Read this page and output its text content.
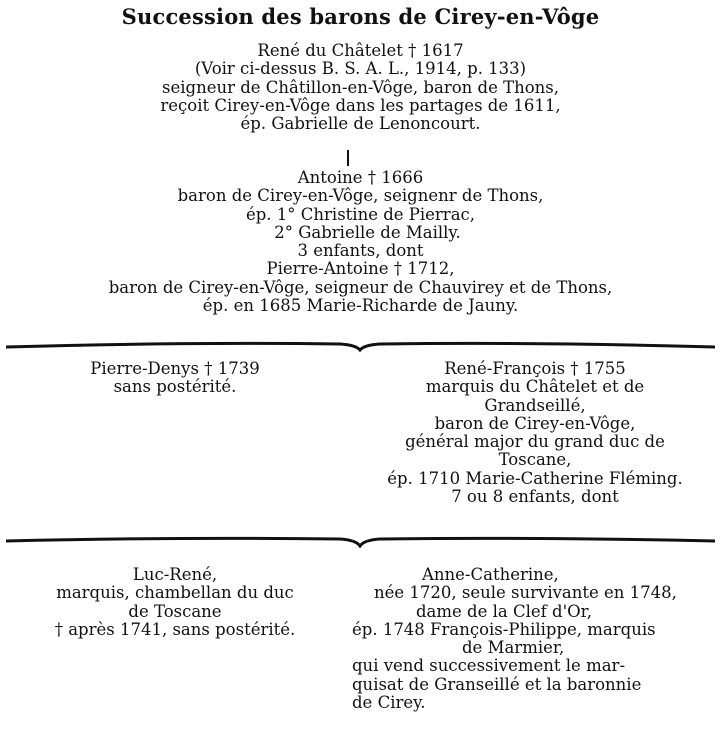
Succession des barons de Cirey-en-Vôge
René du Châtelet † 1617
(Voir ci-dessus B. S. A. L., 1914, p. 133)
seigneur de Châtillon-en-Vôge, baron de Thons,
reçoit Cirey-en-Vôge dans les partages de 1611,
ép. Gabrielle de Lenoncourt.
Antoine † 1666
baron de Cirey-en-Vôge, seignenr de Thons,
ép. 1° Christine de Pierrac,
2° Gabrielle de Mailly.
3 enfants, dont
Pierre-Antoine † 1712,
baron de Cirey-en-Vôge, seigneur de Chauvirey et de Thons,
ép. en 1685 Marie-Richarde de Jauny.
Pierre-Denys † 1739
sans postérité.
René-François † 1755
marquis du Châtelet et de
Grandseillé,
baron de Cirey-en-Vôge,
général major du grand duc de
Toscane,
ép. 1710 Marie-Catherine Fléming.
7 ou 8 enfants, dont
Luc-René,
marquis, chambellan du duc
de Toscane
† après 1741, sans postérité.
Anne-Catherine,
née 1720, seule survivante en 1748,
dame de la Clef d'Or,
ép. 1748 François-Philippe, marquis
de Marmier,
qui vend successivement le mar-
quisat de Granseillé et la baronnie
de Cirey.
